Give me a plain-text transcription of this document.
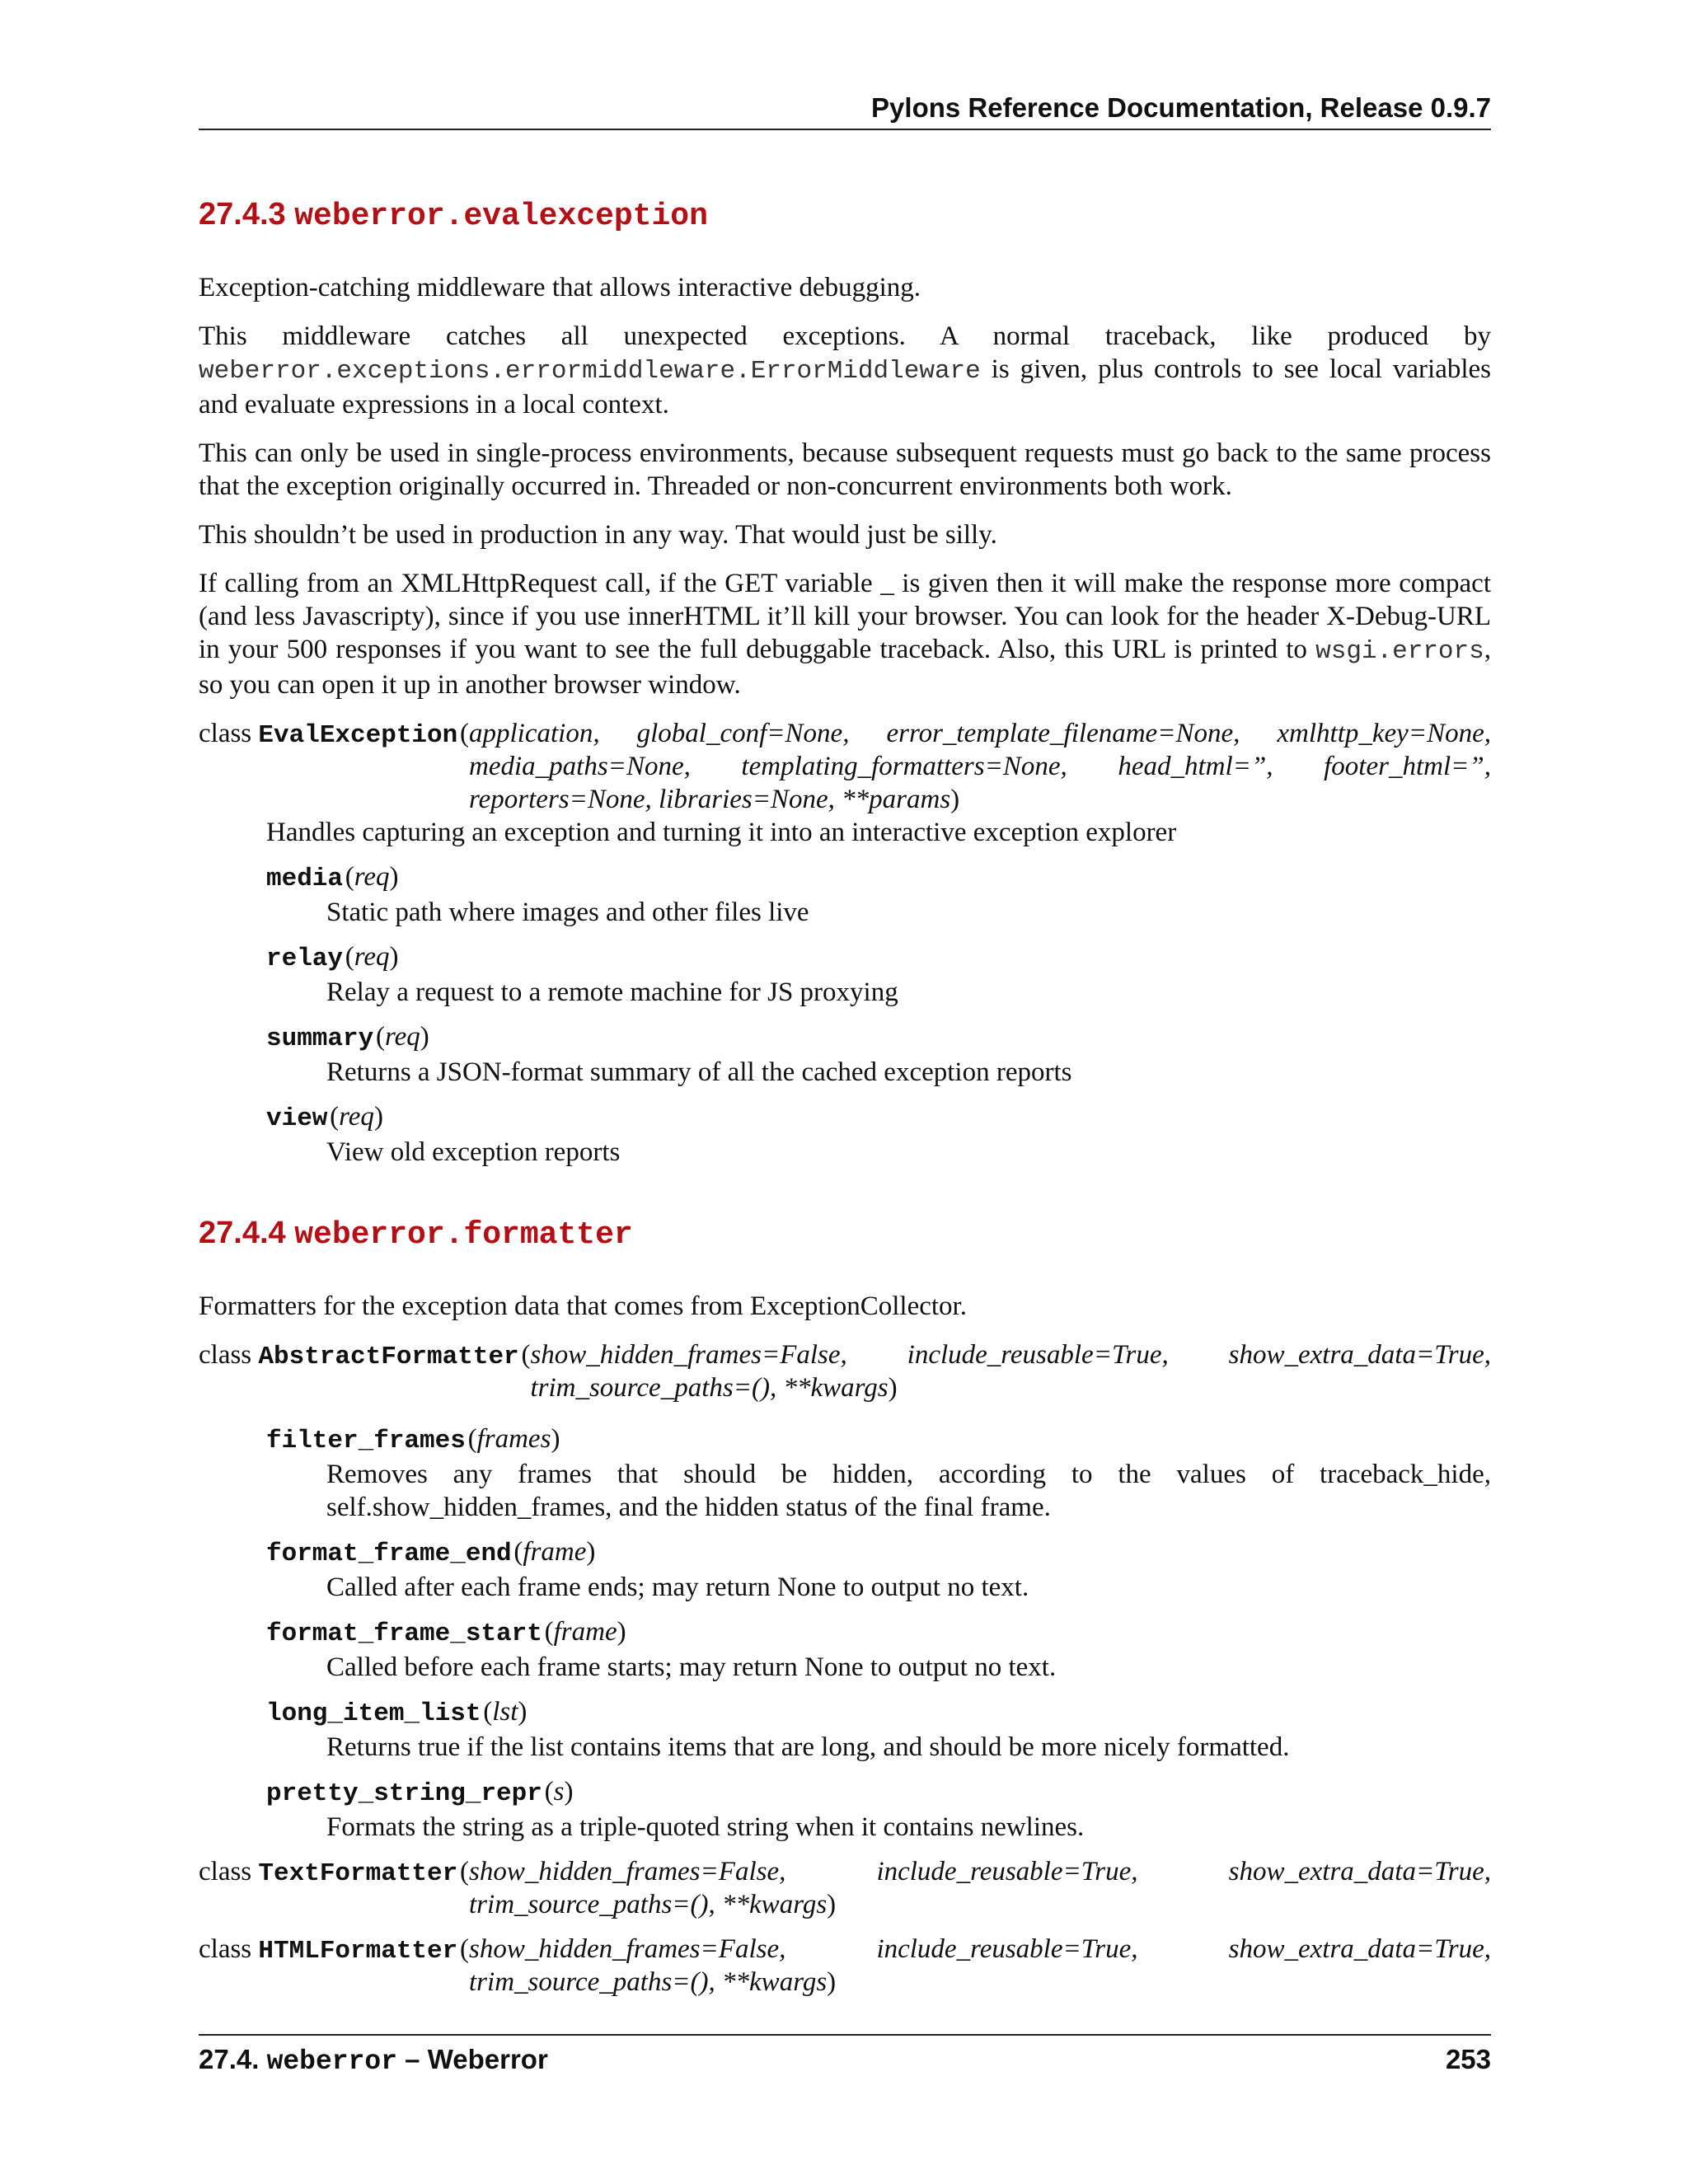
Pylons Reference Documentation, Release 0.9.7
27.4.3 weberror.evalexception

Exception-catching middleware that allows interactive debugging.

This middleware catches all unexpected exceptions. A normal traceback, like produced by weberror.exceptions.errormiddleware.ErrorMiddleware is given, plus controls to see local variables and evaluate expressions in a local context.

This can only be used in single-process environments, because subsequent requests must go back to the same process that the exception originally occurred in. Threaded or non-concurrent environments both work.

This shouldn’t be used in production in any way. That would just be silly.

If calling from an XMLHttpRequest call, if the GET variable _ is given then it will make the response more compact (and less Javascripty), since if you use innerHTML it’ll kill your browser. You can look for the header X-Debug-URL in your 500 responses if you want to see the full debuggable traceback. Also, this URL is printed to wsgi.errors, so you can open it up in another browser window.

class EvalException ( application, global_conf=None, error_template_filename=None, xmlhttp_key=None, media_paths=None, templating_formatters=None, head_html=”, footer_html=”, reporters=None, libraries=None, **params)
Handles capturing an exception and turning it into an interactive exception explorer
media (req)
Static path where images and other files live
relay (req)
Relay a request to a remote machine for JS proxying
summary (req)
Returns a JSON-format summary of all the cached exception reports
view (req)
View old exception reports
27.4.4 weberror.formatter

Formatters for the exception data that comes from ExceptionCollector.

class AbstractFormatter ( show_hidden_frames=False, include_reusable=True, show_extra_data=True, trim_source_paths=(), **kwargs)
filter_frames (frames)
Removes any frames that should be hidden, according to the values of traceback_hide, self.show_hidden_frames, and the hidden status of the final frame.
format_frame_end (frame)
Called after each frame ends; may return None to output no text.
format_frame_start (frame)
Called before each frame starts; may return None to output no text.
long_item_list (lst)
Returns true if the list contains items that are long, and should be more nicely formatted.
pretty_string_repr (s)
Formats the string as a triple-quoted string when it contains newlines.
class TextFormatter ( show_hidden_frames=False, include_reusable=True, show_extra_data=True, trim_source_paths=(), **kwargs)
class HTMLFormatter ( show_hidden_frames=False, include_reusable=True, show_extra_data=True, trim_source_paths=(), **kwargs)
27.4. weberror – Weberror	253
